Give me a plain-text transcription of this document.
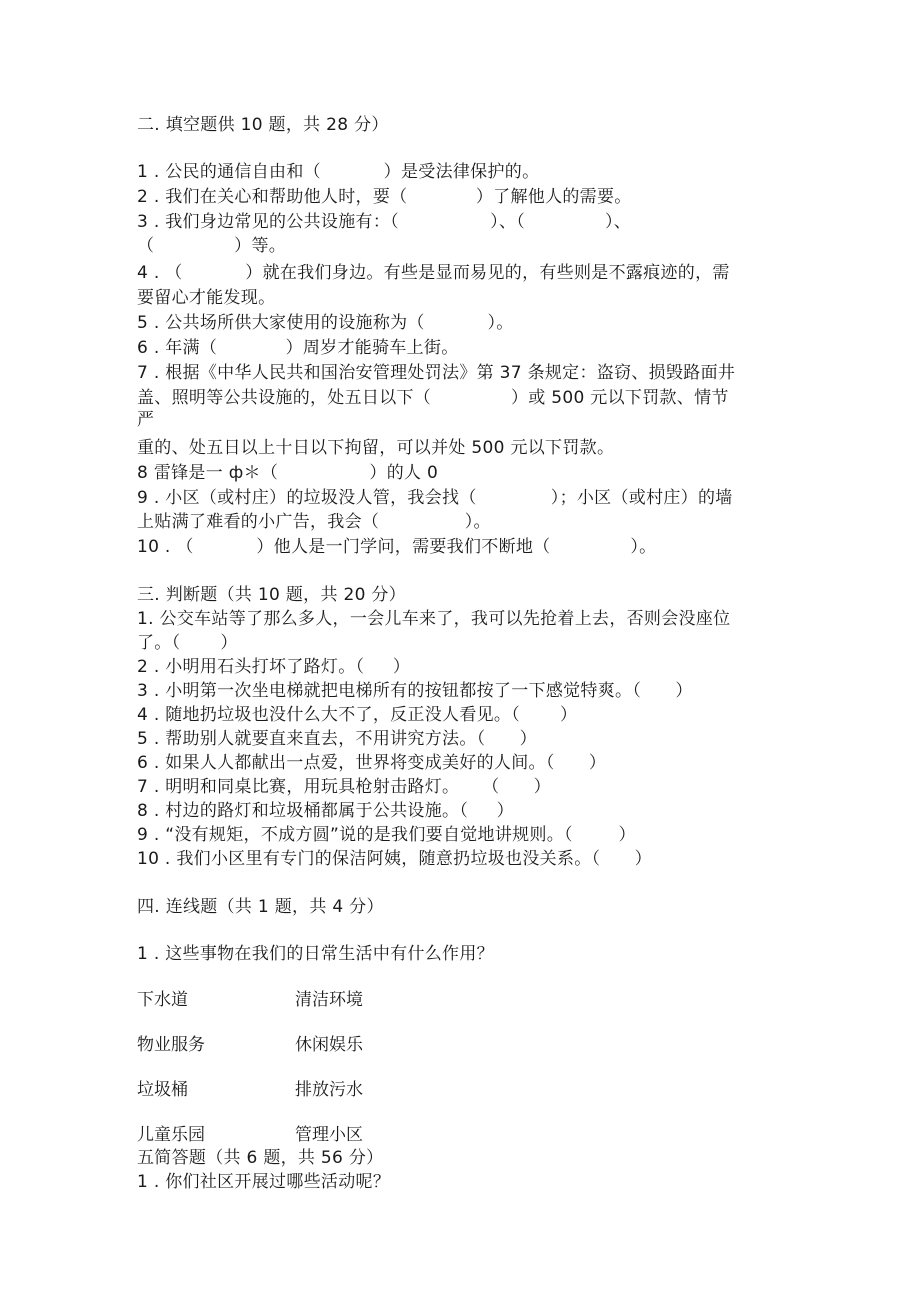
二. 填空题供 10 题，共 28 分）

1 . 公民的通信自由和（           ）是受法律保护的。

2 . 我们在关心和帮助他人时，要（            ）了解他人的需要。

3 . 我们身边常见的公共设施有：（                ）、（              ）、

（              ）等。

4 . （           ）就在我们身边。有些是显而易见的，有些则是不露痕迹的，需

要留心才能发现。

5 . 公共场所供大家使用的设施称为（           ）。

6 . 年满（            ）周岁才能骑车上街。

7 . 根据《中华人民共和国治安管理处罚法》第 37 条规定：盗窃、损毁路面井

盖、照明等公共设施的，处五日以下（              ）或 500 元以下罚款、情节

严

重的、处五日以上十日以下拘留，可以并处 500 元以下罚款。

8 雷锋是一 ф＊（                ）的人 0

9 . 小区（或村庄）的垃圾没人管，我会找（             ）；小区（或村庄）的墙

上贴满了难看的小广告，我会（               ）。

10 . （           ）他人是一门学问，需要我们不断地（              ）。

三. 判断题（共 10 题，共 20 分）

1. 公交车站等了那么多人，一会儿车来了，我可以先抢着上去，否则会没座位

了。（       ）

2 . 小明用石头打坏了路灯。（     ）

3 . 小明第一次坐电梯就把电梯所有的按钮都按了一下感觉特爽。（      ）

4 . 随地扔垃圾也没什么大不了，反正没人看见。（       ）

5 . 帮助别人就要直来直去，不用讲究方法。（      ）

6 . 如果人人都献出一点爱，世界将变成美好的人间。（      ）

7 . 明明和同桌比赛，用玩具枪射击路灯。    （      ）

8 . 村边的路灯和垃圾桶都属于公共设施。（     ）

9 . “没有规矩，不成方圆”说的是我们要自觉地讲规则。（        ）

10 . 我们小区里有专门的保洁阿姨，随意扔垃圾也没关系。（      ）

四. 连线题（共 1 题，共 4 分）

1 . 这些事物在我们的日常生活中有什么作用？

下水道	清洁环境

物业服务	休闲娱乐

垃圾桶	排放污水

儿童乐园	管理小区

五简答题（共 6 题，共 56 分）

1 . 你们社区开展过哪些活动呢？
